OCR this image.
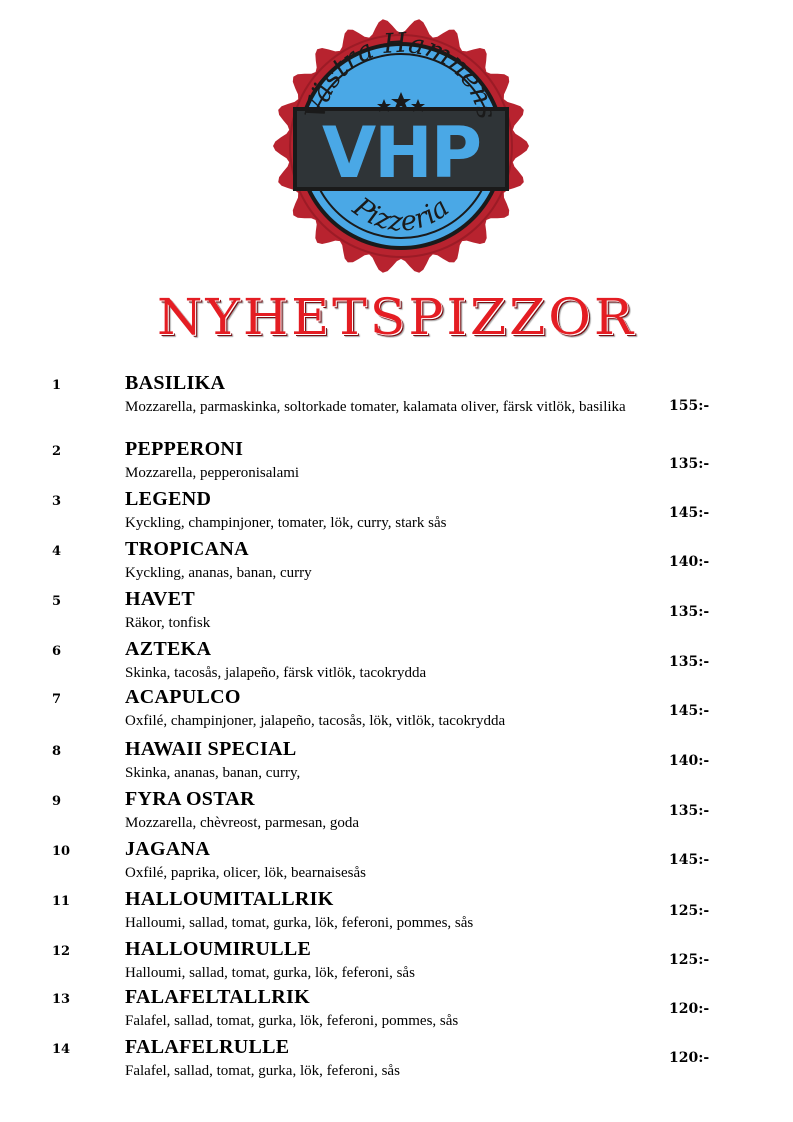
VHP
Västra Hamnens
Pizzeria
NYHETSPIZZOR
1	BASILIKA
Mozzarella, parmaskinka, soltorkade tomater, kalamata oliver, färsk vitlök, basilika	155:-
2	PEPPERONI
Mozzarella, pepperonisalami
135:-
3	LEGEND
Kyckling, champinjoner, tomater, lök, curry, stark sås
145:-
4	TROPICANA
Kyckling, ananas, banan, curry
140:-
5	HAVET
Räkor, tonfisk
135:-
6	AZTEKA
Skinka, tacosås, jalapeño, färsk vitlök, tacokrydda
135:-
7	ACAPULCO
Oxfilé, champinjoner, jalapeño, tacosås, lök, vitlök, tacokrydda
145:-
8	HAWAII SPECIAL
Skinka, ananas, banan, curry,
140:-
9	FYRA OSTAR
Mozzarella, chèvreost, parmesan, goda
135:-
10	JAGANA
Oxfilé, paprika, olicer, lök, bearnaisesås
145:-
11	HALLOUMITALLRIK
Halloumi, sallad, tomat, gurka, lök, feferoni, pommes, sås
125:-
12	HALLOUMIRULLE
Halloumi, sallad, tomat, gurka, lök, feferoni, sås
125:-
13	FALAFELTALLRIK
Falafel, sallad, tomat, gurka, lök, feferoni, pommes, sås
120:-
14	FALAFELRULLE
Falafel, sallad, tomat, gurka, lök, feferoni, sås
120:-
